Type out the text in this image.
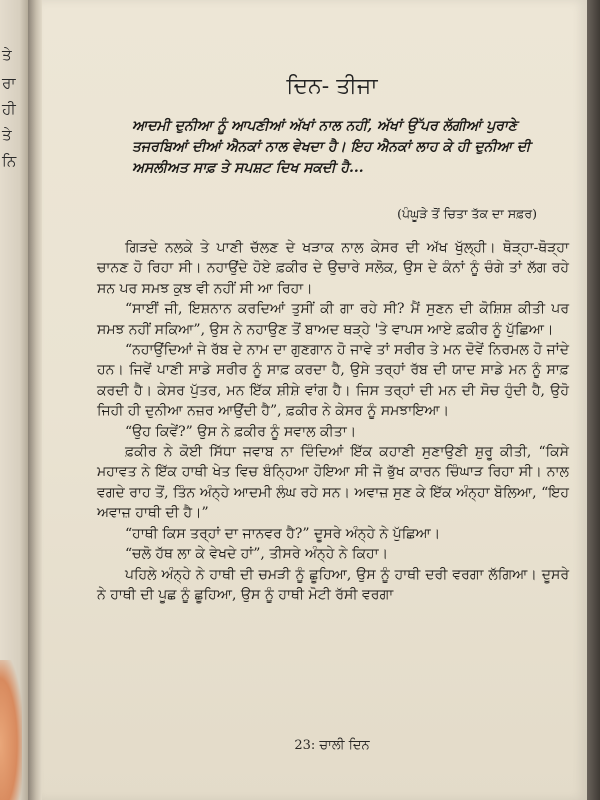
ਤੇ
ਰਾ
ਹੀ
ਤੇ
ਨਿ
ਦਿਨ- ਤੀਜਾ

ਆਦਮੀ ਦੁਨੀਆ ਨੂੰ ਆਪਣੀਆਂ ਅੱਖਾਂ ਨਾਲ ਨਹੀਂ, ਅੱਖਾਂ ਉੱਪਰ ਲੱਗੀਆਂ ਪੁਰਾਣੇ ਤਜਰਬਿਆਂ ਦੀਆਂ ਐਨਕਾਂ ਨਾਲ ਵੇਖਦਾ ਹੈ। ਇਹ ਐਨਕਾਂ ਲਾਹ ਕੇ ਹੀ ਦੁਨੀਆ ਦੀ ਅਸਲੀਅਤ ਸਾਫ਼ ਤੇ ਸਪਸ਼ਟ ਦਿਖ ਸਕਦੀ ਹੈ...

(ਪੰਘੂੜੇ ਤੋਂ ਚਿਤਾ ਤੱਕ ਦਾ ਸਫ਼ਰ)

ਗਿੜਦੇ ਨਲਕੇ ਤੇ ਪਾਣੀ ਚੱਲਣ ਦੇ ਖੜਾਕ ਨਾਲ ਕੇਸਰ ਦੀ ਅੱਖ ਖੁੱਲ੍ਹੀ। ਥੋੜ੍ਹਾ-ਥੋੜ੍ਹਾ ਚਾਨਣ ਹੋ ਰਿਹਾ ਸੀ। ਨਹਾਉਂਦੇ ਹੋਏ ਫ਼ਕੀਰ ਦੇ ਉਚਾਰੇ ਸਲੋਕ, ਉਸ ਦੇ ਕੰਨਾਂ ਨੂੰ ਚੰਗੇ ਤਾਂ ਲੱਗ ਰਹੇ ਸਨ ਪਰ ਸਮਝ ਕੁਝ ਵੀ ਨਹੀਂ ਸੀ ਆ ਰਿਹਾ।

“ਸਾਈਂ ਜੀ, ਇਸ਼ਨਾਨ ਕਰਦਿਆਂ ਤੁਸੀਂ ਕੀ ਗਾ ਰਹੇ ਸੀ? ਮੈਂ ਸੁਣਨ ਦੀ ਕੋਸ਼ਿਸ਼ ਕੀਤੀ ਪਰ ਸਮਝ ਨਹੀਂ ਸਕਿਆ”, ਉਸ ਨੇ ਨਹਾਉਣ ਤੋਂ ਬਾਅਦ ਥੜ੍ਹੇ 'ਤੇ ਵਾਪਸ ਆਏ ਫ਼ਕੀਰ ਨੂੰ ਪੁੱਛਿਆ।

“ਨਹਾਉਂਦਿਆਂ ਜੇ ਰੱਬ ਦੇ ਨਾਮ ਦਾ ਗੁਣਗਾਨ ਹੋ ਜਾਵੇ ਤਾਂ ਸਰੀਰ ਤੇ ਮਨ ਦੋਵੇਂ ਨਿਰਮਲ ਹੋ ਜਾਂਦੇ ਹਨ। ਜਿਵੇਂ ਪਾਣੀ ਸਾਡੇ ਸਰੀਰ ਨੂੰ ਸਾਫ਼ ਕਰਦਾ ਹੈ, ਉਸੇ ਤਰ੍ਹਾਂ ਰੱਬ ਦੀ ਯਾਦ ਸਾਡੇ ਮਨ ਨੂੰ ਸਾਫ਼ ਕਰਦੀ ਹੈ। ਕੇਸਰ ਪੁੱਤਰ, ਮਨ ਇੱਕ ਸ਼ੀਸ਼ੇ ਵਾਂਗ ਹੈ। ਜਿਸ ਤਰ੍ਹਾਂ ਦੀ ਮਨ ਦੀ ਸੋਚ ਹੁੰਦੀ ਹੈ, ਉਹੋ ਜਿਹੀ ਹੀ ਦੁਨੀਆ ਨਜ਼ਰ ਆਉਂਦੀ ਹੈ”, ਫ਼ਕੀਰ ਨੇ ਕੇਸਰ ਨੂੰ ਸਮਝਾਇਆ।

“ਉਹ ਕਿਵੇਂ?” ਉਸ ਨੇ ਫ਼ਕੀਰ ਨੂੰ ਸਵਾਲ ਕੀਤਾ।

ਫ਼ਕੀਰ ਨੇ ਕੋਈ ਸਿੱਧਾ ਜਵਾਬ ਨਾ ਦਿੰਦਿਆਂ ਇੱਕ ਕਹਾਣੀ ਸੁਣਾਉਣੀ ਸ਼ੁਰੂ ਕੀਤੀ, “ਕਿਸੇ ਮਹਾਵਤ ਨੇ ਇੱਕ ਹਾਥੀ ਖੇਤ ਵਿਚ ਬੰਨ੍ਹਿਆ ਹੋਇਆ ਸੀ ਜੋ ਭੁੱਖ ਕਾਰਨ ਚਿੰਘਾੜ ਰਿਹਾ ਸੀ। ਨਾਲ ਵਗਦੇ ਰਾਹ ਤੋਂ, ਤਿੰਨ ਅੰਨ੍ਹੇ ਆਦਮੀ ਲੰਘ ਰਹੇ ਸਨ। ਅਵਾਜ਼ ਸੁਣ ਕੇ ਇੱਕ ਅੰਨ੍ਹਾ ਬੋਲਿਆ, “ਇਹ ਅਵਾਜ਼ ਹਾਥੀ ਦੀ ਹੈ।”

“ਹਾਥੀ ਕਿਸ ਤਰ੍ਹਾਂ ਦਾ ਜਾਨਵਰ ਹੈ?” ਦੂਸਰੇ ਅੰਨ੍ਹੇ ਨੇ ਪੁੱਛਿਆ।

“ਚਲੋ ਹੱਥ ਲਾ ਕੇ ਵੇਖਦੇ ਹਾਂ”, ਤੀਸਰੇ ਅੰਨ੍ਹੇ ਨੇ ਕਿਹਾ।

ਪਹਿਲੇ ਅੰਨ੍ਹੇ ਨੇ ਹਾਥੀ ਦੀ ਚਮੜੀ ਨੂੰ ਛੂਹਿਆ, ਉਸ ਨੂੰ ਹਾਥੀ ਦਰੀ ਵਰਗਾ ਲੱਗਿਆ। ਦੂਸਰੇ ਨੇ ਹਾਥੀ ਦੀ ਪੂਛ ਨੂੰ ਛੂਹਿਆ, ਉਸ ਨੂੰ ਹਾਥੀ ਮੋਟੀ ਰੱਸੀ ਵਰਗਾ

23: ਚਾਲੀ ਦਿਨ
